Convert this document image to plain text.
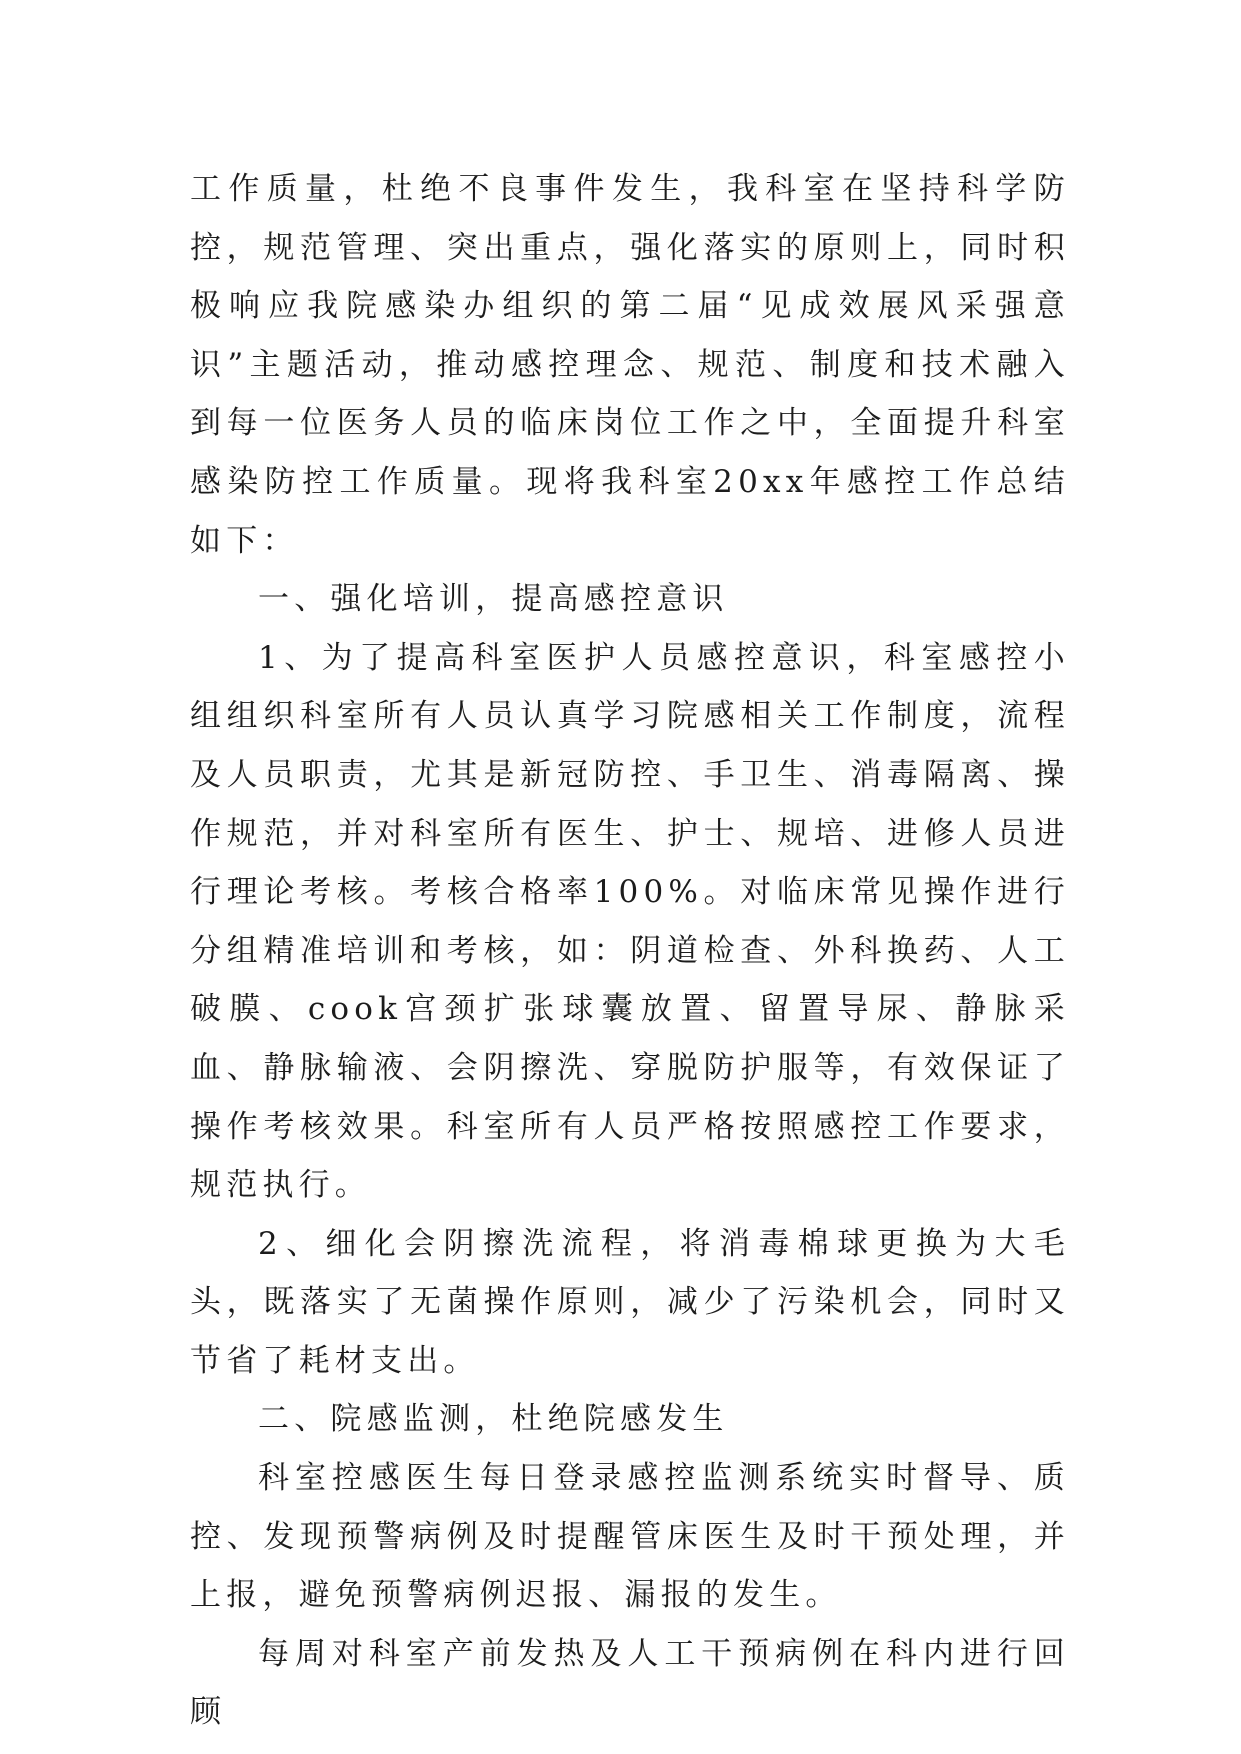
工作质量，杜绝不良事件发生，我科室在坚持科学防控，规范管理、突出重点，强化落实的原则上，同时积极响应我院感染办组织的第二届“见成效展风采强意识”主题活动，推动感控理念、规范、制度和技术融入到每一位医务人员的临床岗位工作之中，全面提升科室感染防控工作质量。现将我科室20xx年感控工作总结如下：

一、强化培训，提高感控意识

1、为了提高科室医护人员感控意识，科室感控小组组织科室所有人员认真学习院感相关工作制度，流程及人员职责，尤其是新冠防控、手卫生、消毒隔离、操作规范，并对科室所有医生、护士、规培、进修人员进行理论考核。考核合格率100%。对临床常见操作进行分组精准培训和考核，如：阴道检查、外科换药、人工破膜、cook宫颈扩张球囊放置、留置导尿、静脉采血、静脉输液、会阴擦洗、穿脱防护服等，有效保证了操作考核效果。科室所有人员严格按照感控工作要求，规范执行。

2、细化会阴擦洗流程，将消毒棉球更换为大毛头，既落实了无菌操作原则，减少了污染机会，同时又节省了耗材支出。

二、院感监测，杜绝院感发生

科室控感医生每日登录感控监测系统实时督导、质控、发现预警病例及时提醒管床医生及时干预处理，并上报，避免预警病例迟报、漏报的发生。

每周对科室产前发热及人工干预病例在科内进行回顾
